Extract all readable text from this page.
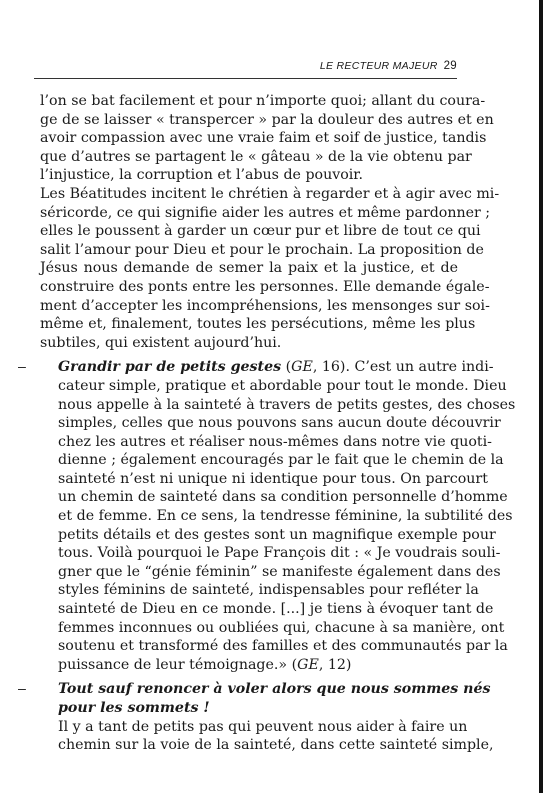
LE RECTEUR MAJEUR 29
l’on se bat facilement et pour n’importe quoi; allant du coura-
ge de se laisser « transpercer » par la douleur des autres et en
avoir compassion avec une vraie faim et soif de justice, tandis
que d’autres se partagent le « gâteau » de la vie obtenu par
l’injustice, la corruption et l’abus de pouvoir.
Les Béatitudes incitent le chrétien à regarder et à agir avec mi-
séricorde, ce qui signifie aider les autres et même pardonner ;
elles le poussent à garder un cœur pur et libre de tout ce qui
salit l’amour pour Dieu et pour le prochain. La proposition de
Jésus nous demande de semer la paix et la justice, et de
construire des ponts entre les personnes. Elle demande égale-
ment d’accepter les incompréhensions, les mensonges sur soi-
même et, finalement, toutes les persécutions, même les plus
subtiles, qui existent aujourd’hui.
– Grandir par de petits gestes (GE, 16). C’est un autre indi-
cateur simple, pratique et abordable pour tout le monde. Dieu
nous appelle à la sainteté à travers de petits gestes, des choses
simples, celles que nous pouvons sans aucun doute découvrir
chez les autres et réaliser nous-mêmes dans notre vie quoti-
dienne ; également encouragés par le fait que le chemin de la
sainteté n’est ni unique ni identique pour tous. On parcourt
un chemin de sainteté dans sa condition personnelle d’homme
et de femme. En ce sens, la tendresse féminine, la subtilité des
petits détails et des gestes sont un magnifique exemple pour
tous. Voilà pourquoi le Pape François dit : « Je voudrais souli-
gner que le “génie féminin” se manifeste également dans des
styles féminins de sainteté, indispensables pour refléter la
sainteté de Dieu en ce monde. [...] je tiens à évoquer tant de
femmes inconnues ou oubliées qui, chacune à sa manière, ont
soutenu et transformé des familles et des communautés par la
puissance de leur témoignage.» (GE, 12)
– Tout sauf renoncer à voler alors que nous sommes nés
pour les sommets !
Il y a tant de petits pas qui peuvent nous aider à faire un
chemin sur la voie de la sainteté, dans cette sainteté simple,
